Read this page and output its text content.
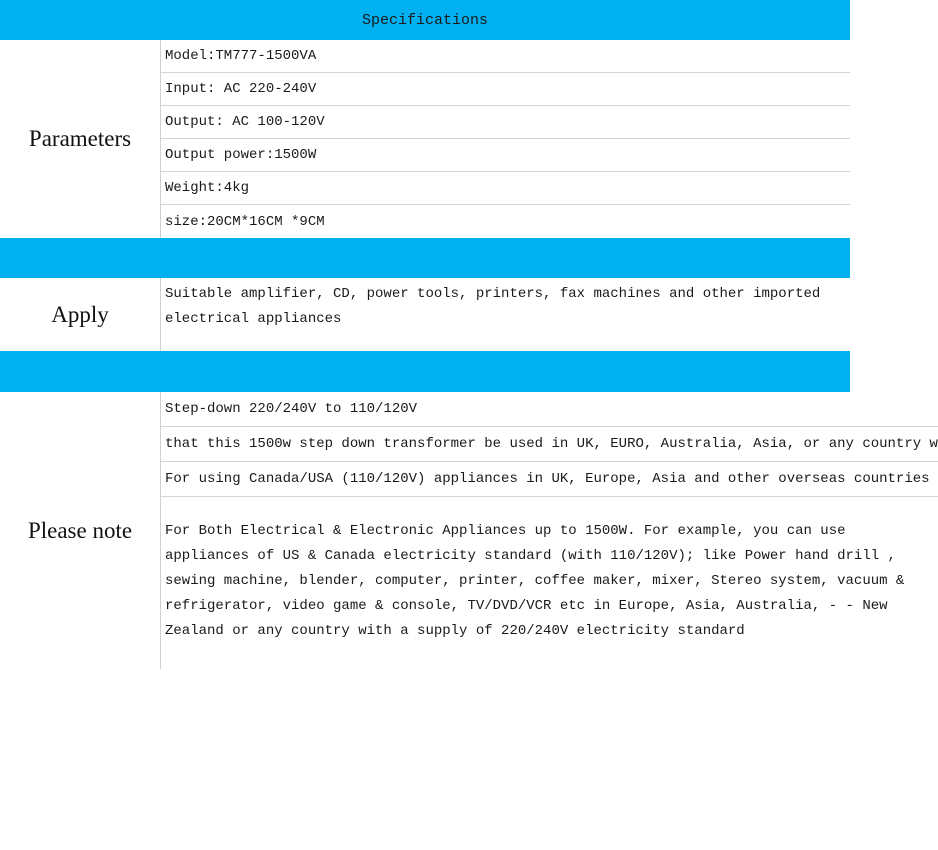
Specifications
Parameters
Model:TM777-1500VA
Input: AC 220-240V
Output: AC 100-120V
Output power:1500W
Weight:4kg
size:20CM*16CM *9CM
Apply
Suitable amplifier, CD, power tools, printers, fax machines and other imported electrical appliances
Please note
Step-down 220/240V to 110/120V
that this 1500w step down transformer be used in UK, EURO, Australia, Asia, or any country w
For using Canada/USA (110/120V) appliances in UK, Europe, Asia and other overseas countries
For Both Electrical & Electronic Appliances up to 1500W. For example, you can use appliances of US & Canada electricity standard (with 110/120V); like Power hand drill , sewing machine, blender, computer, printer, coffee maker, mixer, Stereo system, vacuum & refrigerator, video game & console, TV/DVD/VCR etc in Europe, Asia, Australia, - - New Zealand or any country with a supply of 220/240V electricity standard
